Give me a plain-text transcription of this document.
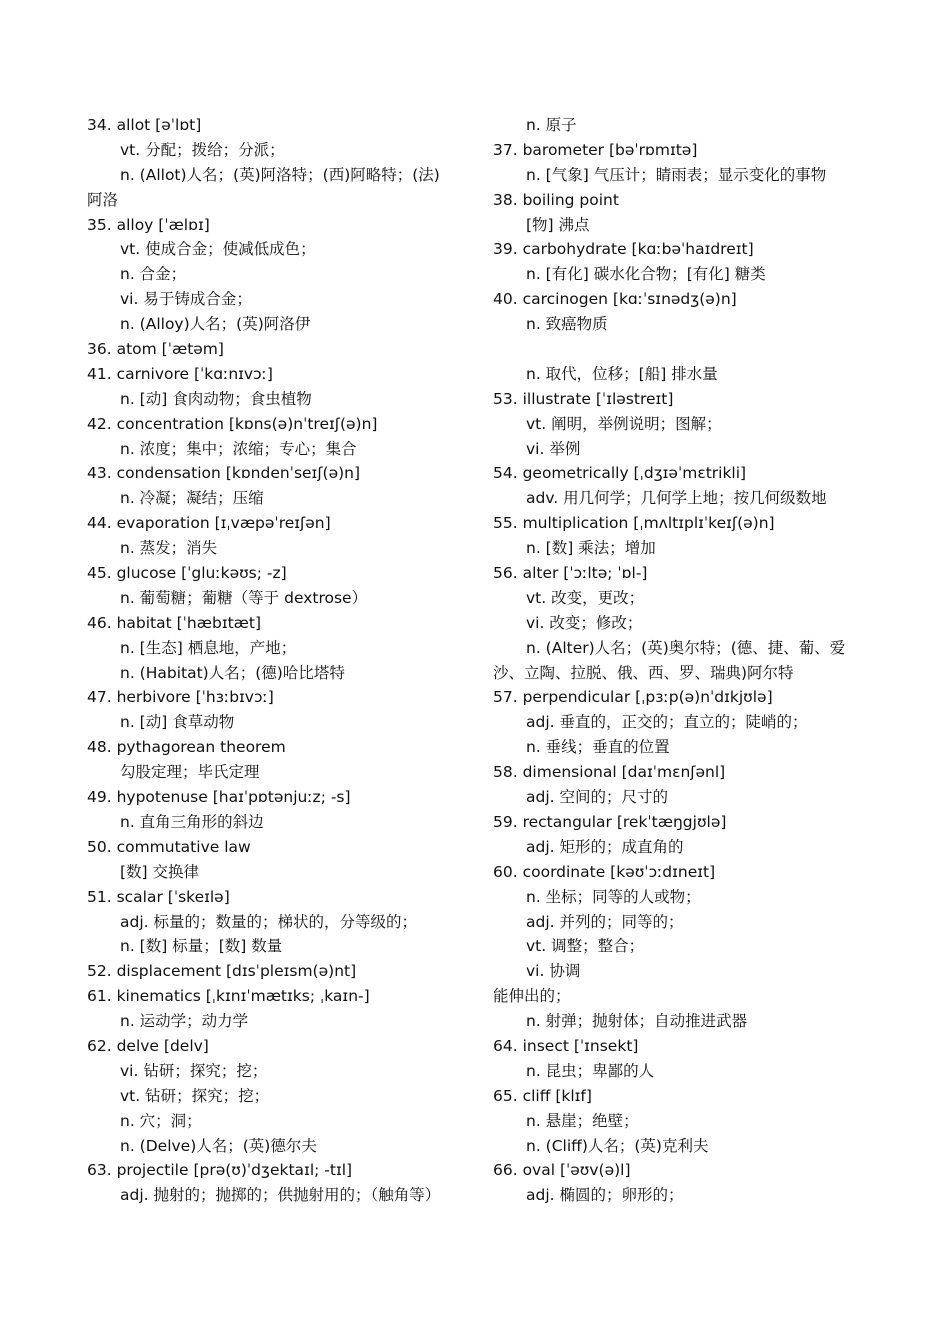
34. allot [əˈlɒt]
vt. 分配；拨给；分派；
n. (Allot)人名；(英)阿洛特；(西)阿略特；(法)
阿洛
35. alloy [ˈælɒɪ]
vt. 使成合金；使减低成色；
n. 合金；
vi. 易于铸成合金；
n. (Alloy)人名；(英)阿洛伊
36. atom [ˈætəm]
41. carnivore [ˈkɑːnɪvɔː]
n. [动] 食肉动物；食虫植物
42. concentration [kɒns(ə)nˈtreɪʃ(ə)n]
n. 浓度；集中；浓缩；专心；集合
43. condensation [kɒndenˈseɪʃ(ə)n]
n. 冷凝；凝结；压缩
44. evaporation [ɪˌvæpəˈreɪʃən]
n. 蒸发；消失
45. glucose [ˈgluːkəʊs; -z]
n. 葡萄糖；葡糖（等于 dextrose）
46. habitat [ˈhæbɪtæt]
n. [生态] 栖息地，产地；
n. (Habitat)人名；(德)哈比塔特
47. herbivore [ˈhɜːbɪvɔː]
n. [动] 食草动物
48. pythagorean theorem
勾股定理；毕氏定理
49. hypotenuse [haɪˈpɒtənjuːz; -s]
n. 直角三角形的斜边
50. commutative law
[数] 交换律
51. scalar [ˈskeɪlə]
adj. 标量的；数量的；梯状的，分等级的；
n. [数] 标量；[数] 数量
52. displacement [dɪsˈpleɪsm(ə)nt]
61. kinematics [ˌkɪnɪˈmætɪks; ˌkaɪn-]
n. 运动学；动力学
62. delve [delv]
vi. 钻研；探究；挖；
vt. 钻研；探究；挖；
n. 穴；洞；
n. (Delve)人名；(英)德尔夫
63. projectile [prə(ʊ)ˈdʒektaɪl; -tɪl]
adj. 抛射的；抛掷的；供抛射用的；（触角等）
n. 原子
37. barometer [bəˈrɒmɪtə]
n. [气象] 气压计；睛雨表；显示变化的事物
38. boiling point
[物] 沸点
39. carbohydrate [kɑːbəˈhaɪdreɪt]
n. [有化] 碳水化合物；[有化] 糖类
40. carcinogen [kɑːˈsɪnədʒ(ə)n]
n. 致癌物质
n. 取代，位移；[船] 排水量
53. illustrate [ˈɪləstreɪt]
vt. 阐明，举例说明；图解；
vi. 举例
54. geometrically [ˌdʒɪəˈmɛtrikli]
adv. 用几何学；几何学上地；按几何级数地
55. multiplication [ˌmʌltɪplɪˈkeɪʃ(ə)n]
n. [数] 乘法；增加
56. alter [ˈɔːltə; ˈɒl-]
vt. 改变，更改；
vi. 改变；修改；
n. (Alter)人名；(英)奥尔特；(德、捷、葡、爱
沙、立陶、拉脱、俄、西、罗、瑞典)阿尔特
57. perpendicular [ˌpɜːp(ə)nˈdɪkjʊlə]
adj. 垂直的，正交的；直立的；陡峭的；
n. 垂线；垂直的位置
58. dimensional [daɪˈmɛnʃənl]
adj. 空间的；尺寸的
59. rectangular [rekˈtæŋgjʊlə]
adj. 矩形的；成直角的
60. coordinate [kəʊˈɔːdɪneɪt]
n. 坐标；同等的人或物；
adj. 并列的；同等的；
vt. 调整；整合；
vi. 协调
能伸出的；
n. 射弹；抛射体；自动推进武器
64. insect [ˈɪnsekt]
n. 昆虫；卑鄙的人
65. cliff [klɪf]
n. 悬崖；绝壁；
n. (Cliff)人名；(英)克利夫
66. oval [ˈəʊv(ə)l]
adj. 椭圆的；卵形的；
